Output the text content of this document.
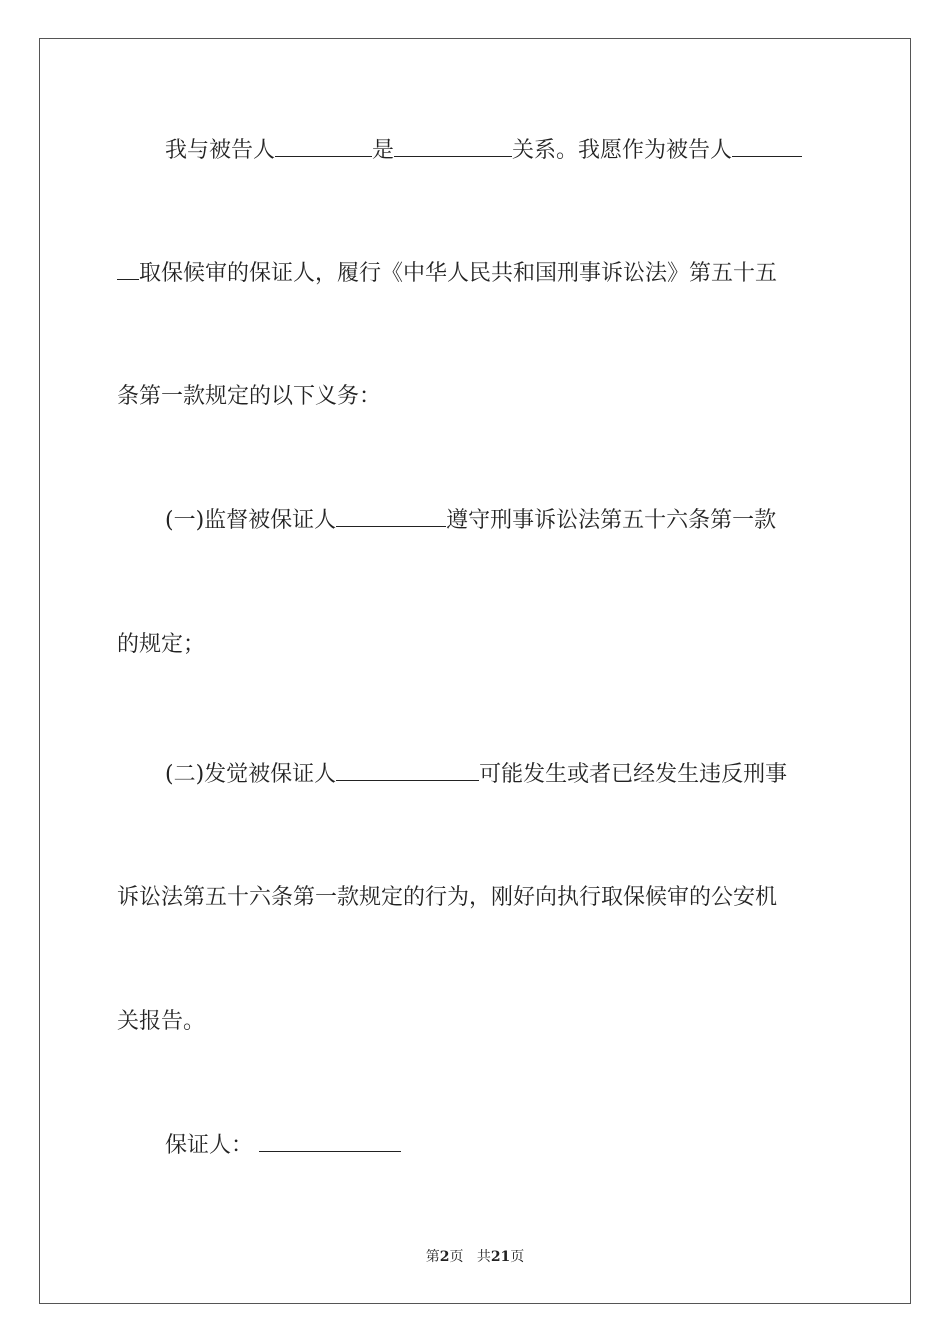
我与被告人	是	关系。我愿作为被告人
取保候审的保证人，履行《中华人民共和国刑事诉讼法》第五十五
条第一款规定的以下义务：
(一)监督被保证人	遵守刑事诉讼法第五十六条第一款
的规定；
(二)发觉被保证人	可能发生或者已经发生违反刑事
诉讼法第五十六条第一款规定的行为，刚好向执行取保候审的公安机
关报告。
保证人：
第2页 共21页
